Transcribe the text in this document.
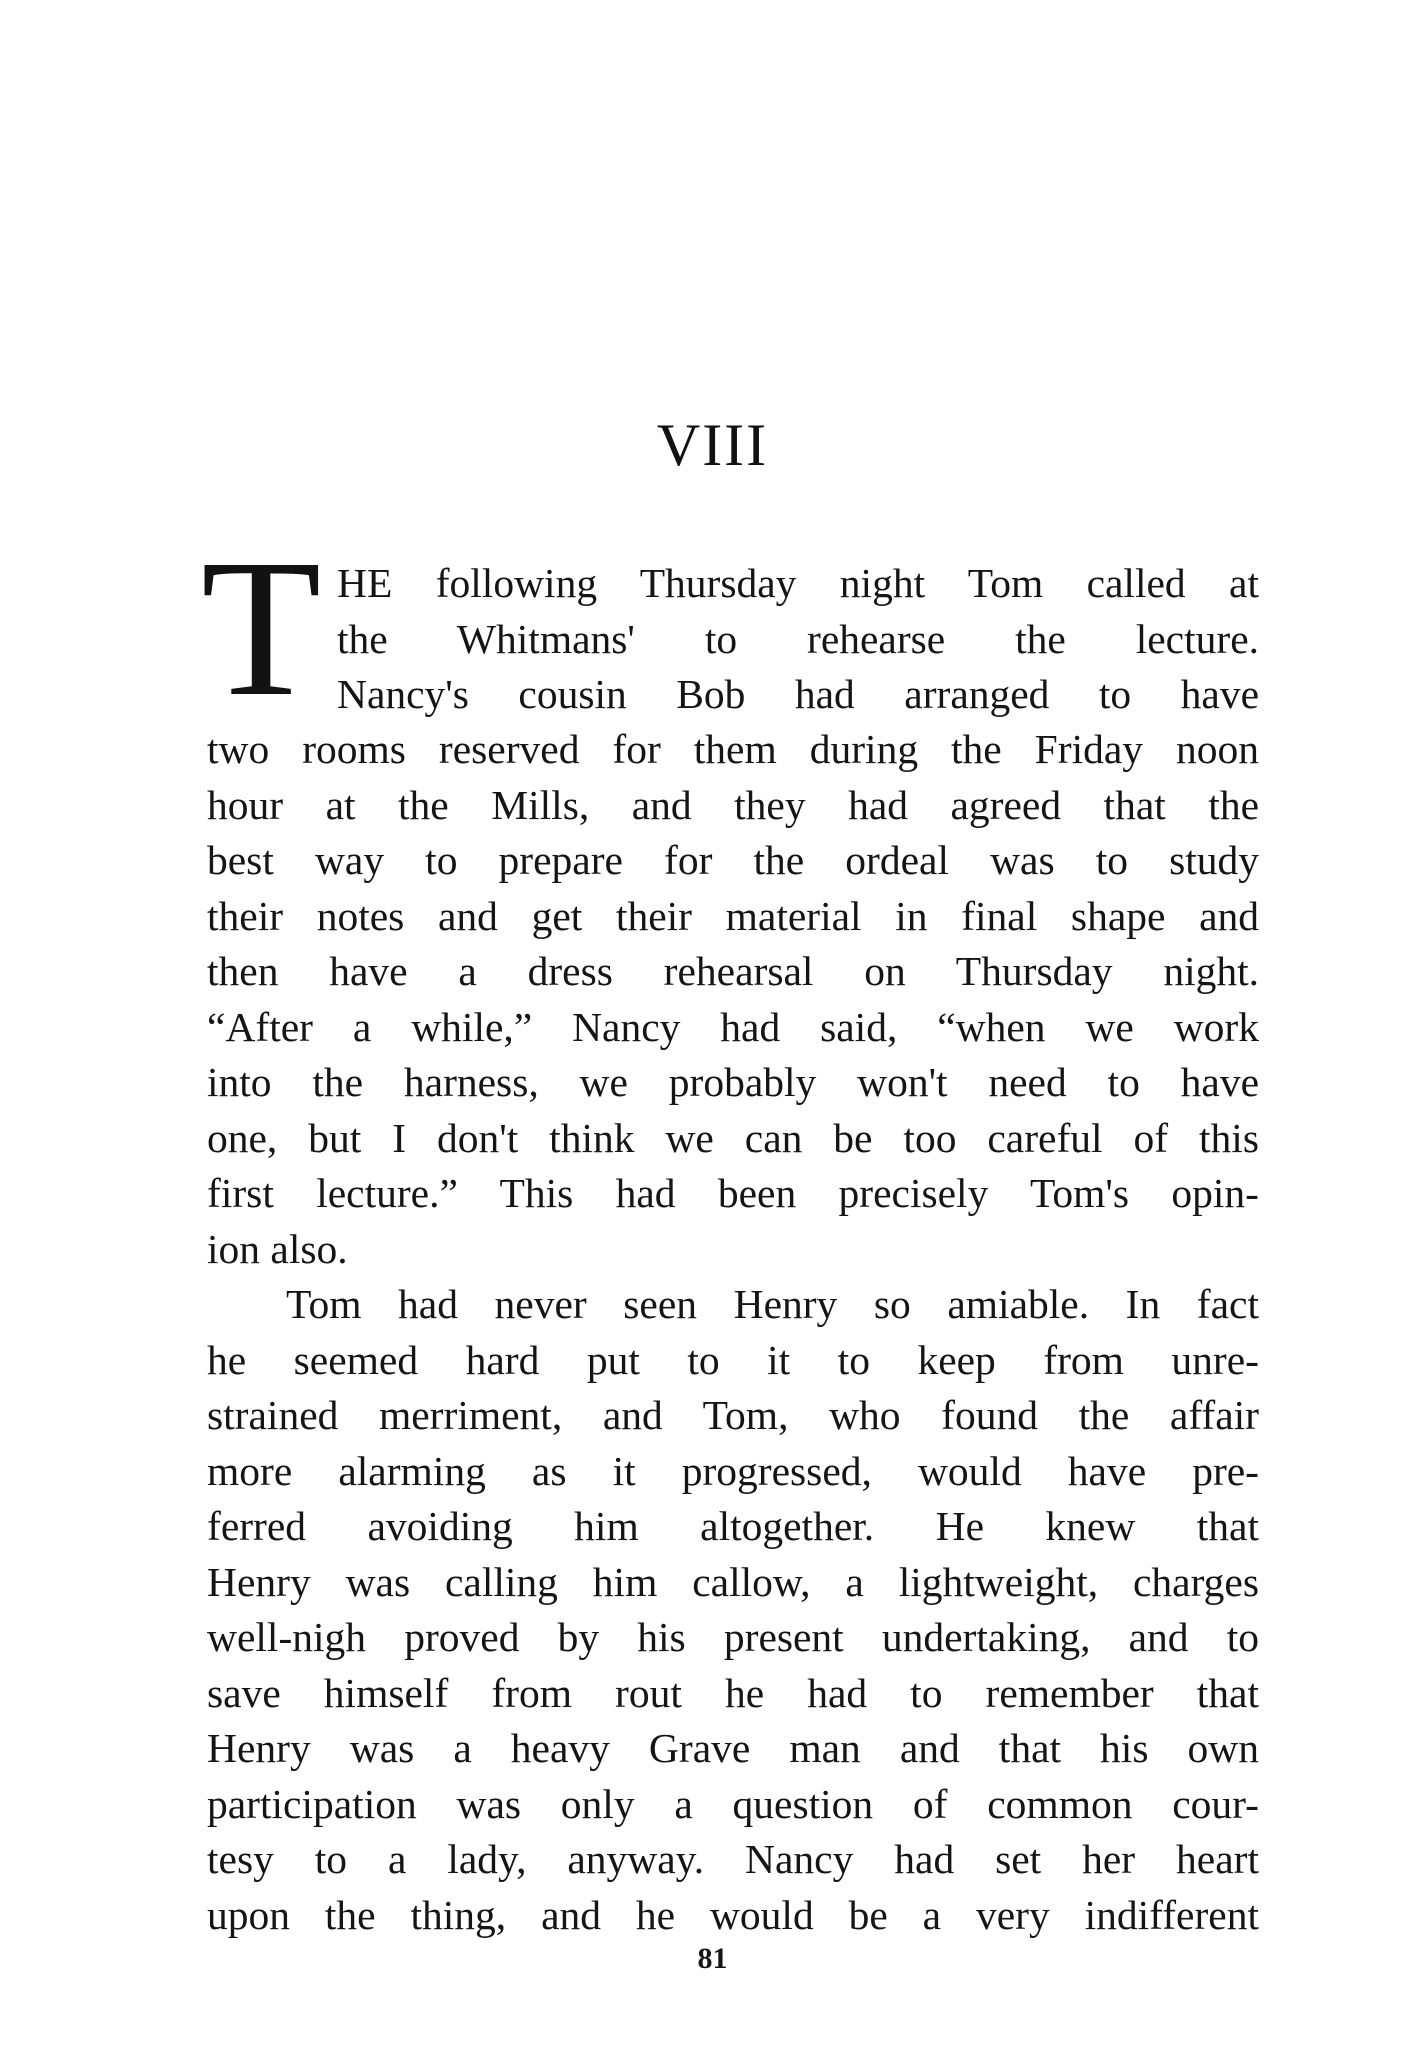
VIII
T HE following Thursday night Tom called at
the Whitmans' to rehearse the lecture.
Nancy's cousin Bob had arranged to have
two rooms reserved for them during the Friday noon
hour at the Mills, and they had agreed that the
best way to prepare for the ordeal was to study
their notes and get their material in final shape and
then have a dress rehearsal on Thursday night.
“After a while,” Nancy had said, “when we work
into the harness, we probably won't need to have
one, but I don't think we can be too careful of this
first lecture.” This had been precisely Tom's opin-
ion also.
Tom had never seen Henry so amiable. In fact
he seemed hard put to it to keep from unre-
strained merriment, and Tom, who found the affair
more alarming as it progressed, would have pre-
ferred avoiding him altogether. He knew that
Henry was calling him callow, a lightweight, charges
well-nigh proved by his present undertaking, and to
save himself from rout he had to remember that
Henry was a heavy Grave man and that his own
participation was only a question of common cour-
tesy to a lady, anyway. Nancy had set her heart
upon the thing, and he would be a very indifferent
81
